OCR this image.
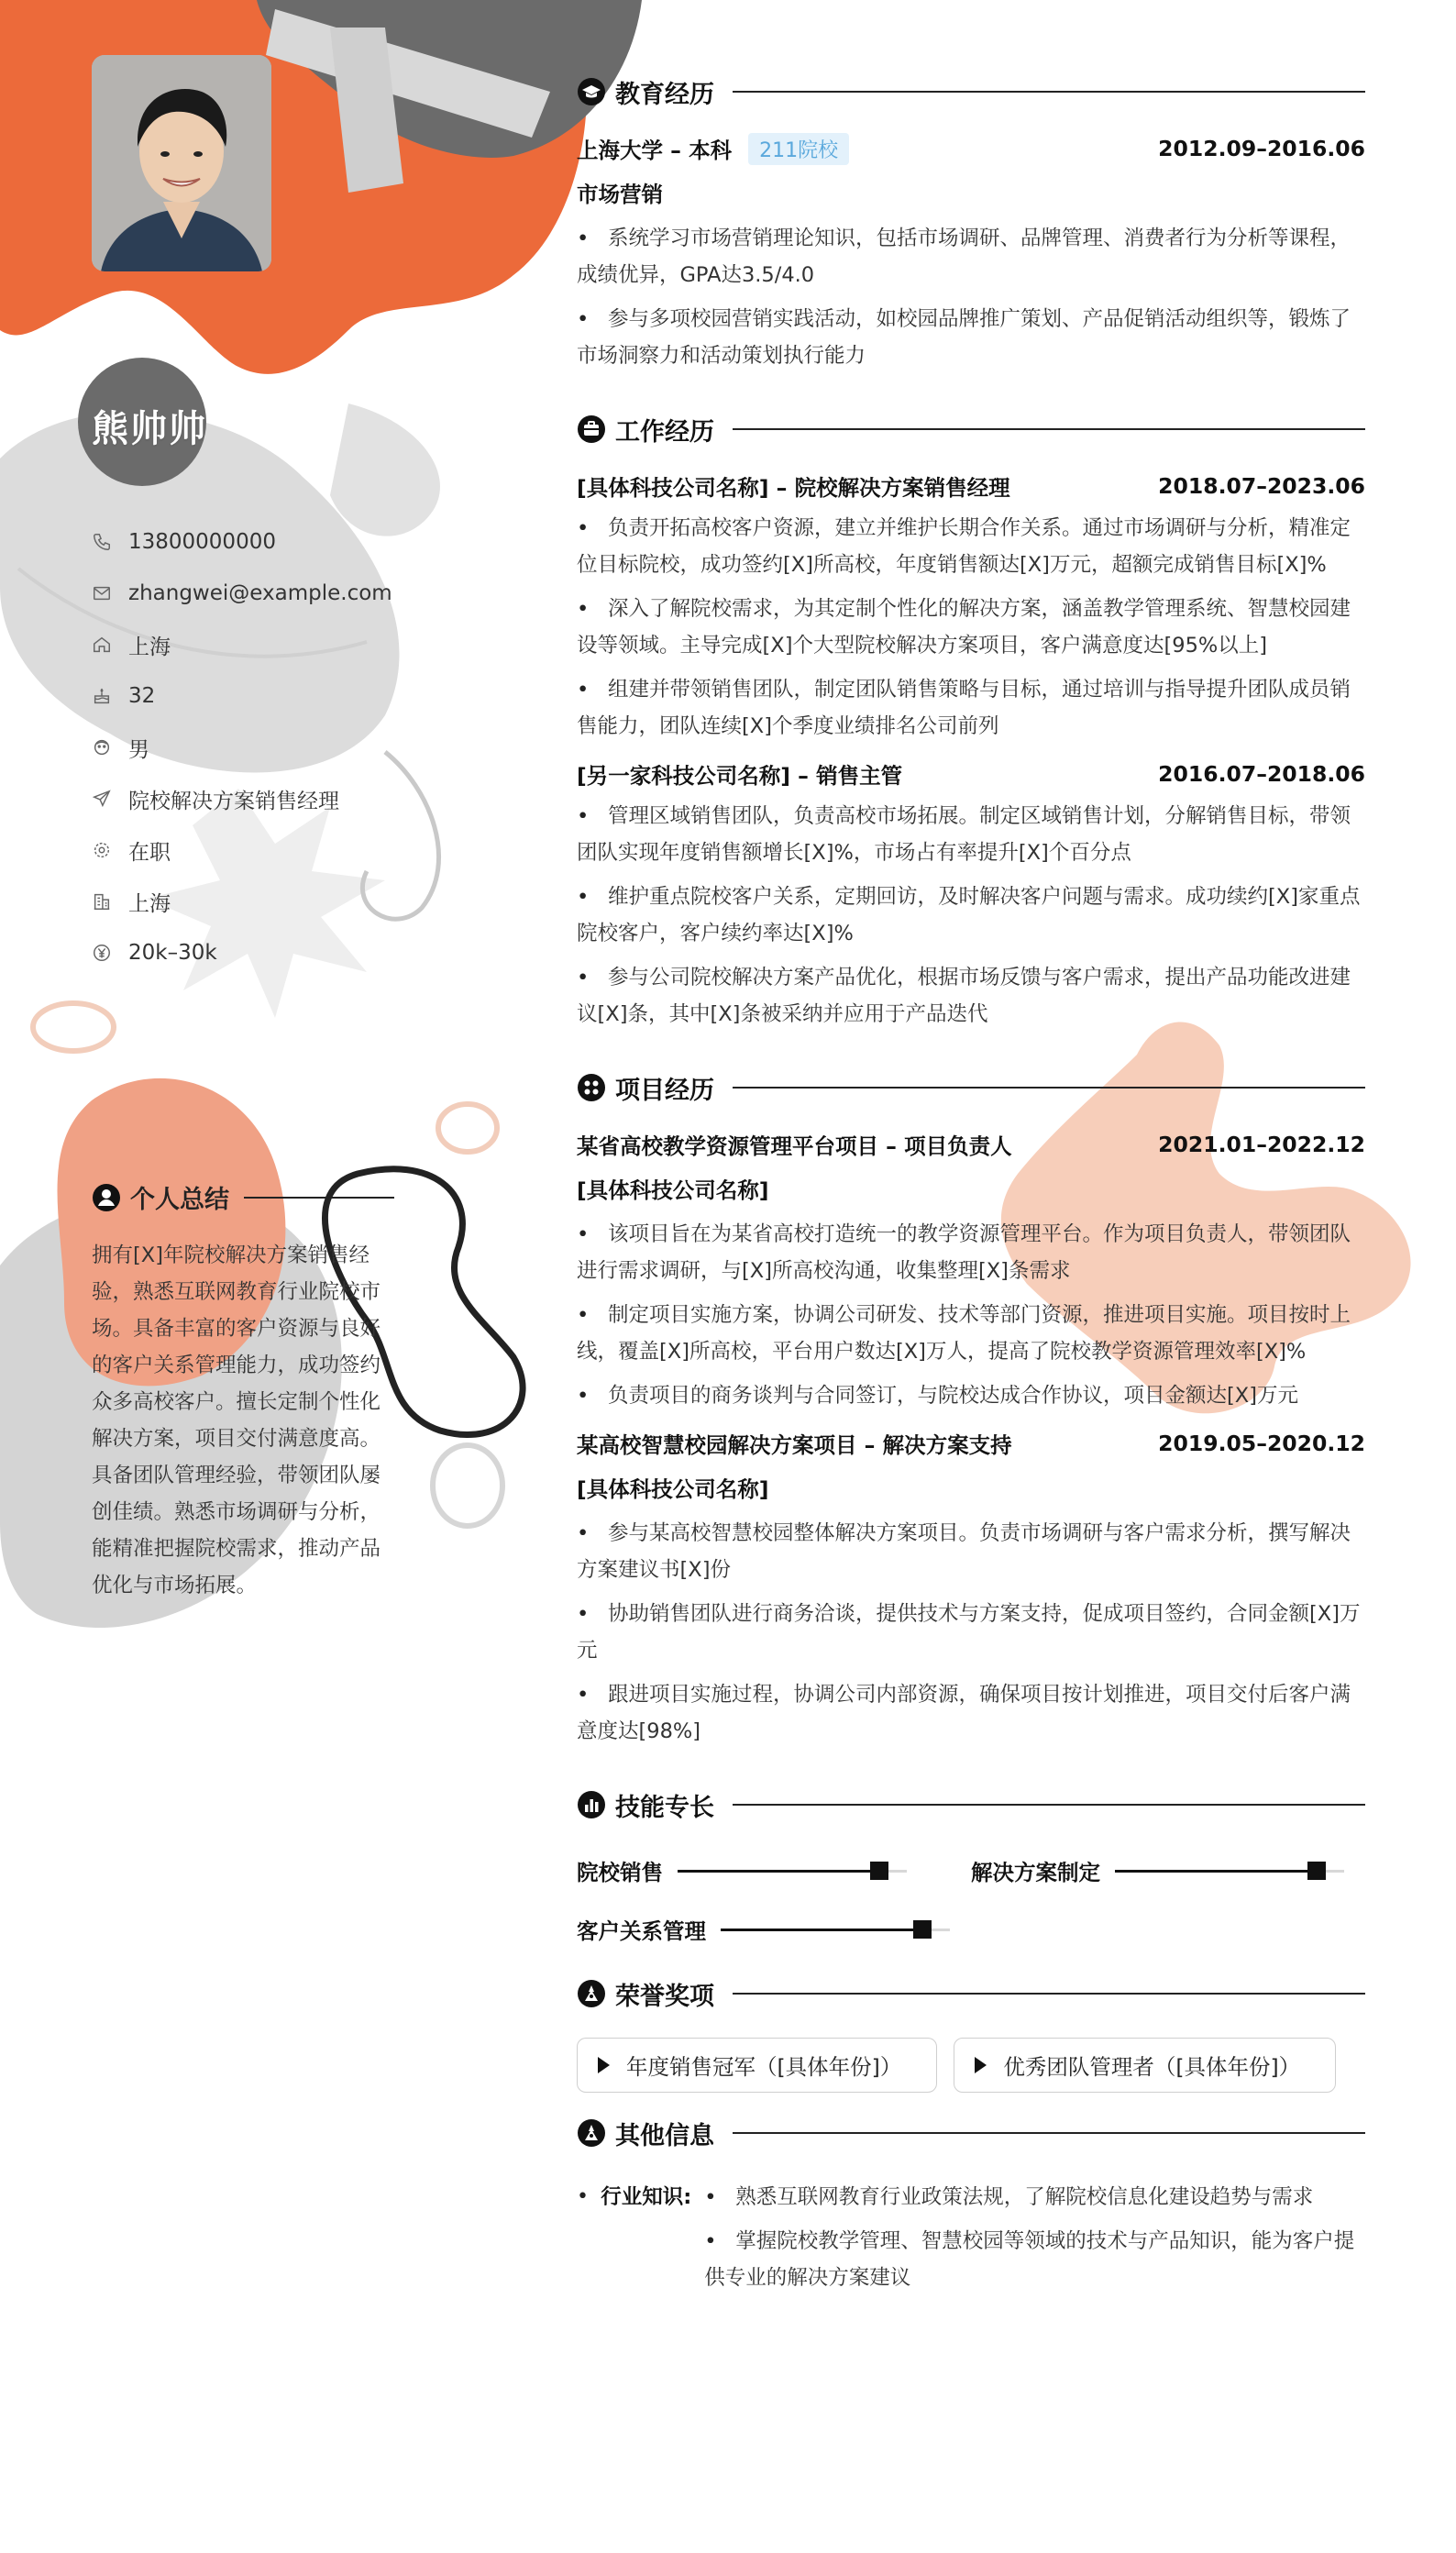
熊帅帅
13800000000
zhangwei@example.com
上海
32
男
院校解决方案销售经理
在职
上海
20k–30k
个人总结
拥有[X]年院校解决方案销售经验，熟悉互联网教育行业院校市场。具备丰富的客户资源与良好的客户关系管理能力，成功签约众多高校客户。擅长定制个性化解决方案，项目交付满意度高。具备团队管理经验，带领团队屡创佳绩。熟悉市场调研与分析，能精准把握院校需求，推动产品优化与市场拓展。
教育经历
上海大学 – 本科	211院校	2012.09–2016.06
市场营销
• 系统学习市场营销理论知识，包括市场调研、品牌管理、消费者行为分析等课程，成绩优异，GPA达3.5/4.0
• 参与多项校园营销实践活动，如校园品牌推广策划、产品促销活动组织等，锻炼了市场洞察力和活动策划执行能力
工作经历
[具体科技公司名称] – 院校解决方案销售经理	2018.07–2023.06
• 负责开拓高校客户资源，建立并维护长期合作关系。通过市场调研与分析，精准定位目标院校，成功签约[X]所高校，年度销售额达[X]万元，超额完成销售目标[X]%
• 深入了解院校需求，为其定制个性化的解决方案，涵盖教学管理系统、智慧校园建设等领域。主导完成[X]个大型院校解决方案项目，客户满意度达[95%以上]
• 组建并带领销售团队，制定团队销售策略与目标，通过培训与指导提升团队成员销售能力，团队连续[X]个季度业绩排名公司前列
[另一家科技公司名称] – 销售主管	2016.07–2018.06
• 管理区域销售团队，负责高校市场拓展。制定区域销售计划，分解销售目标，带领团队实现年度销售额增长[X]%，市场占有率提升[X]个百分点
• 维护重点院校客户关系，定期回访，及时解决客户问题与需求。成功续约[X]家重点院校客户，客户续约率达[X]%
• 参与公司院校解决方案产品优化，根据市场反馈与客户需求，提出产品功能改进建议[X]条，其中[X]条被采纳并应用于产品迭代
项目经历
某省高校教学资源管理平台项目 – 项目负责人	2021.01–2022.12
[具体科技公司名称]
• 该项目旨在为某省高校打造统一的教学资源管理平台。作为项目负责人，带领团队进行需求调研，与[X]所高校沟通，收集整理[X]条需求
• 制定项目实施方案，协调公司研发、技术等部门资源，推进项目实施。项目按时上线，覆盖[X]所高校，平台用户数达[X]万人，提高了院校教学资源管理效率[X]%
• 负责项目的商务谈判与合同签订，与院校达成合作协议，项目金额达[X]万元
某高校智慧校园解决方案项目 – 解决方案支持	2019.05–2020.12
[具体科技公司名称]
• 参与某高校智慧校园整体解决方案项目。负责市场调研与客户需求分析，撰写解决方案建议书[X]份
• 协助销售团队进行商务洽谈，提供技术与方案支持，促成项目签约，合同金额[X]万元
• 跟进项目实施过程，协调公司内部资源，确保项目按计划推进，项目交付后客户满意度达[98%]
技能专长
院校销售	解决方案制定
客户关系管理
荣誉奖项
年度销售冠军（[具体年份]）	优秀团队管理者（[具体年份]）
其他信息
• 行业知识:
•	熟悉互联网教育行业政策法规，了解院校信息化建设趋势与需求
• 掌握院校教学管理、智慧校园等领域的技术与产品知识，能为客户提供专业的解决方案建议
